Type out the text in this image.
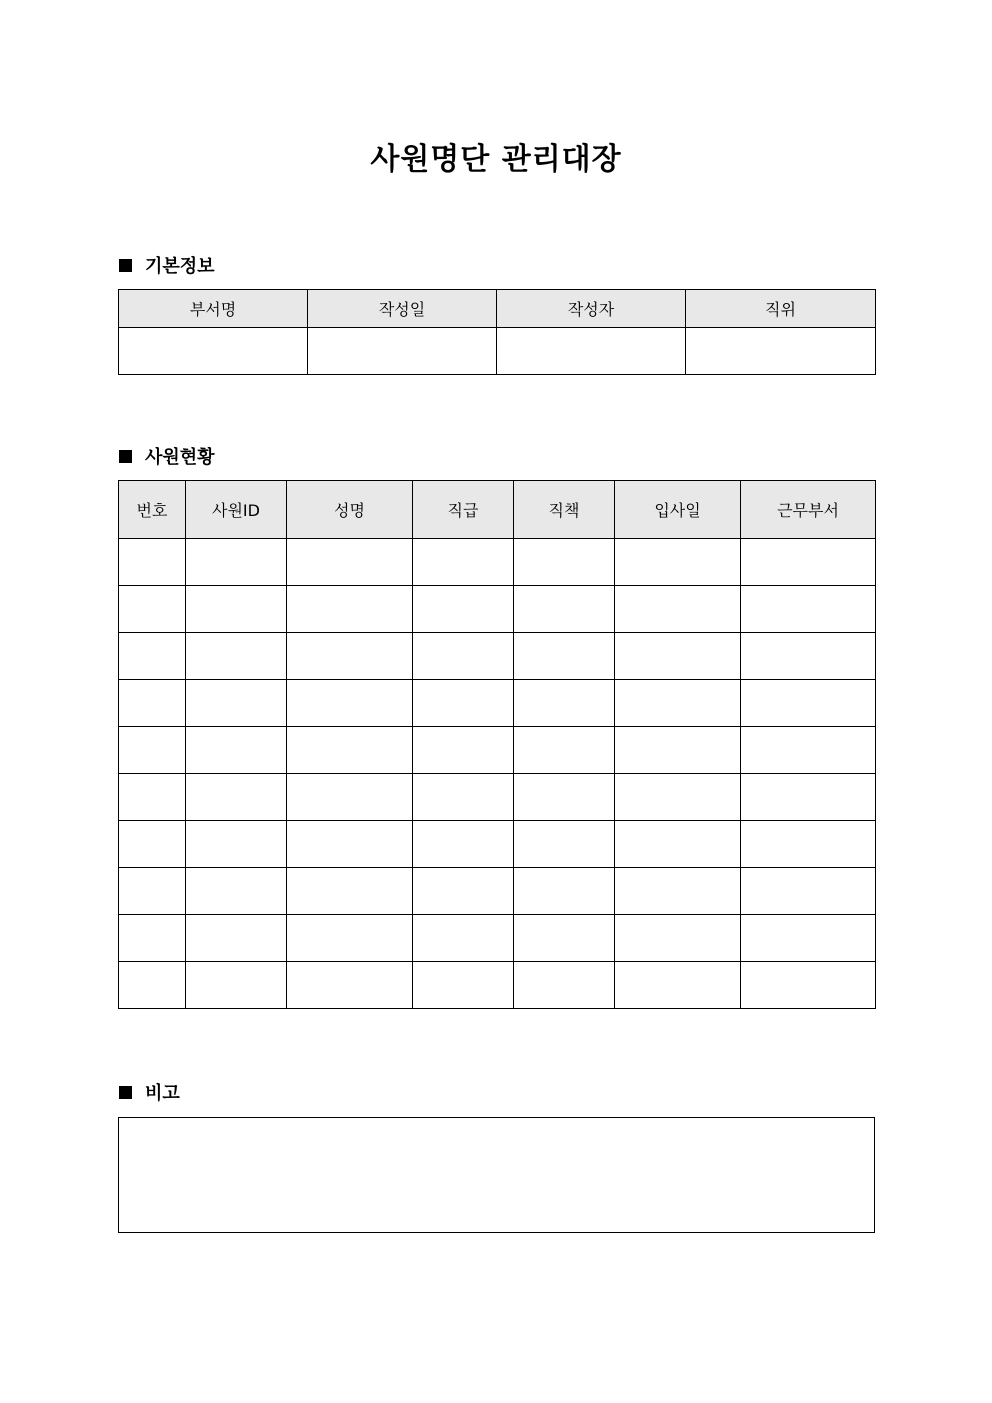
사원명단 관리대장
기본정보
부서명	작성일	작성자	직위

사원현황
번호	사원ID	성명	직급	직책	입사일	근무부서

비고
